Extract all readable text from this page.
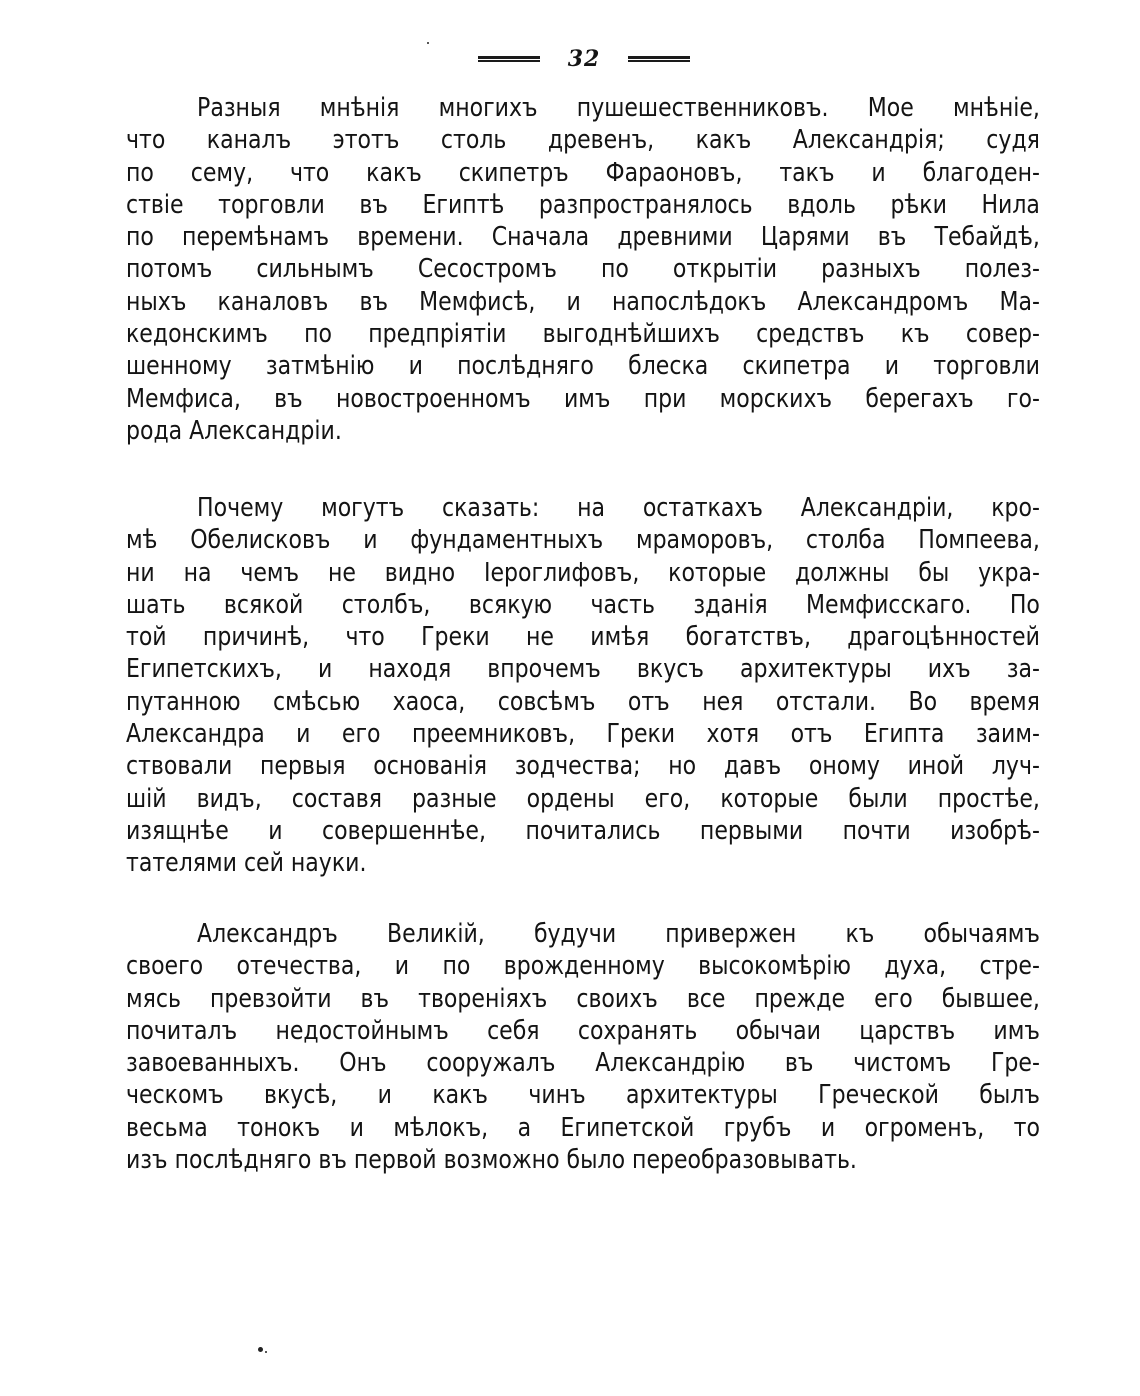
32
Разныя мнѣнія многихъ пушешественниковъ. Мое мнѣніе,
что каналъ этотъ столь древенъ, какъ Александрія; судя
по сему, что какъ скипетръ Фараоновъ, такъ и благоден-
ствіе торговли въ Египтѣ разпространялось вдоль рѣки Нила
по перемѣнамъ времени. Сначала древними Царями въ Тебайдѣ,
потомъ сильнымъ Сесостромъ по открытіи разныхъ полез-
ныхъ каналовъ въ Мемфисѣ, и напослѣдокъ Александромъ Ма-
кедонскимъ по предпріятіи выгоднѣйшихъ средствъ къ совер-
шенному затмѣнію и послѣдняго блеска скипетра и торговли
Мемфиса, въ новостроенномъ имъ при морскихъ берегахъ го-
рода Александріи.
Почему могутъ сказать: на остаткахъ Александріи, кро-
мѣ Обелисковъ и фундаментныхъ мраморовъ, столба Помпеева,
ни на чемъ не видно Іероглифовъ, которые должны бы укра-
шать всякой столбъ, всякую часть зданія Мемфисскаго. По
той причинѣ, что Греки не имѣя богатствъ, драгоцѣнностей
Египетскихъ, и находя впрочемъ вкусъ архитектуры ихъ за-
путанною смѣсью хаоса, совсѣмъ отъ нея отстали. Во время
Александра и его преемниковъ, Греки хотя отъ Египта заим-
ствовали первыя основанія зодчества; но давъ оному иной луч-
шій видъ, составя разные ордены его, которые были простѣе,
изящнѣе и совершеннѣе, почитались первыми почти изобрѣ-
тателями сей науки.
Александръ Великій, будучи привержен къ обычаямъ
своего отечества, и по врожденному высокомѣрію духа, стре-
мясь превзойти въ твореніяхъ своихъ все прежде его бывшее,
почиталъ недостойнымъ себя сохранять обычаи царствъ имъ
завоеванныхъ. Онъ сооружалъ Александрію въ чистомъ Гре-
ческомъ вкусѣ, и какъ чинъ архитектуры Греческой былъ
весьма тонокъ и мѣлокъ, а Египетской грубъ и огроменъ, то
изъ послѣдняго въ первой возможно было переобразовывать.
